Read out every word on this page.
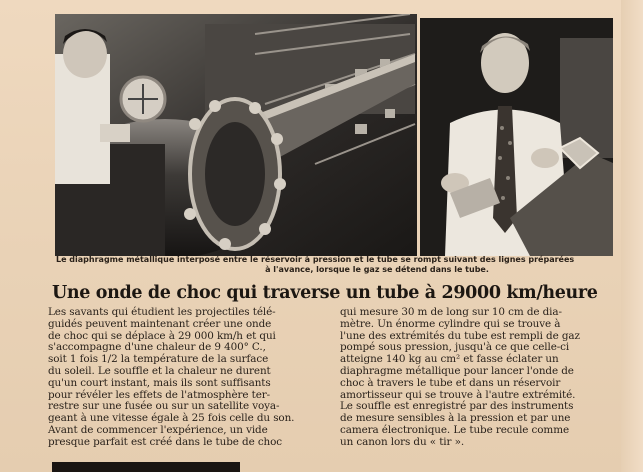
Le diaphragme métallique interposé entre le réservoir à pression et le tube se rompt suivant des lignes préparées
à l'avance, lorsque le gaz se détend dans le tube.
Une onde de choc qui traverse un tube à 29000 km/heure
Les savants qui étudient les projectiles télé-
guidés peuvent maintenant créer une onde
de choc qui se déplace à 29 000 km/h et qui
s'accompagne d'une chaleur de 9 400° C.,
soit 1 fois 1/2 la température de la surface
du soleil. Le souffle et la chaleur ne durent
qu'un court instant, mais ils sont suffisants
pour révéler les effets de l'atmosphère ter-
restre sur une fusée ou sur un satellite voya-
geant à une vitesse égale à 25 fois celle du son.
Avant de commencer l'expérience, un vide
presque parfait est créé dans le tube de choc
qui mesure 30 m de long sur 10 cm de dia-
mètre. Un énorme cylindre qui se trouve à
l'une des extrémités du tube est rempli de gaz
pompé sous pression, jusqu'à ce que celle-ci
atteigne 140 kg au cm² et fasse éclater un
diaphragme métallique pour lancer l'onde de
choc à travers le tube et dans un réservoir
amortisseur qui se trouve à l'autre extrémité.
Le souffle est enregistré par des instruments
de mesure sensibles à la pression et par une
camera électronique. Le tube recule comme
un canon lors du « tir ».
